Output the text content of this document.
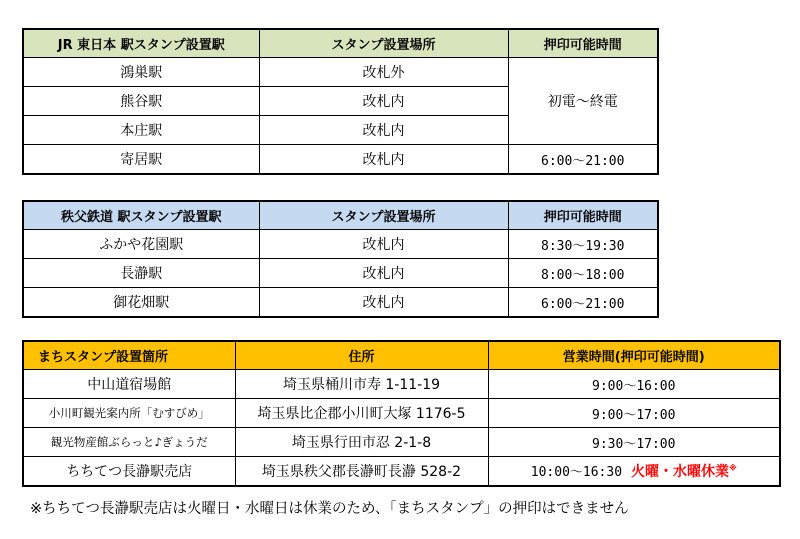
JR 東日本 駅スタンプ設置駅	スタンプ設置場所	押印可能時間
鴻巣駅	改札外	初電～終電
熊谷駅	改札内	
本庄駅	改札内	
寄居駅	改札内	6:00～21:00
秩父鉄道 駅スタンプ設置駅	スタンプ設置場所	押印可能時間
ふかや花園駅	改札内	8:30～19:30
長瀞駅	改札内	8:00～18:00
御花畑駅	改札内	6:00～21:00
まちスタンプ設置箇所	住所	営業時間(押印可能時間)
中山道宿場館	埼玉県桶川市寿 1-11-19	9:00～16:00
小川町観光案内所「むすびめ」	埼玉県比企郡小川町大塚 1176-5	9:00～17:00
観光物産館ぶらっと♪ぎょうだ	埼玉県行田市忍 2-1-8	9:30～17:00
ちちてつ長瀞駅売店	埼玉県秩父郡長瀞町長瀞 528-2	10:00～16:30 火曜・水曜休業※
※ちちてつ長瀞駅売店は火曜日・水曜日は休業のため、「まちスタンプ」の押印はできません
